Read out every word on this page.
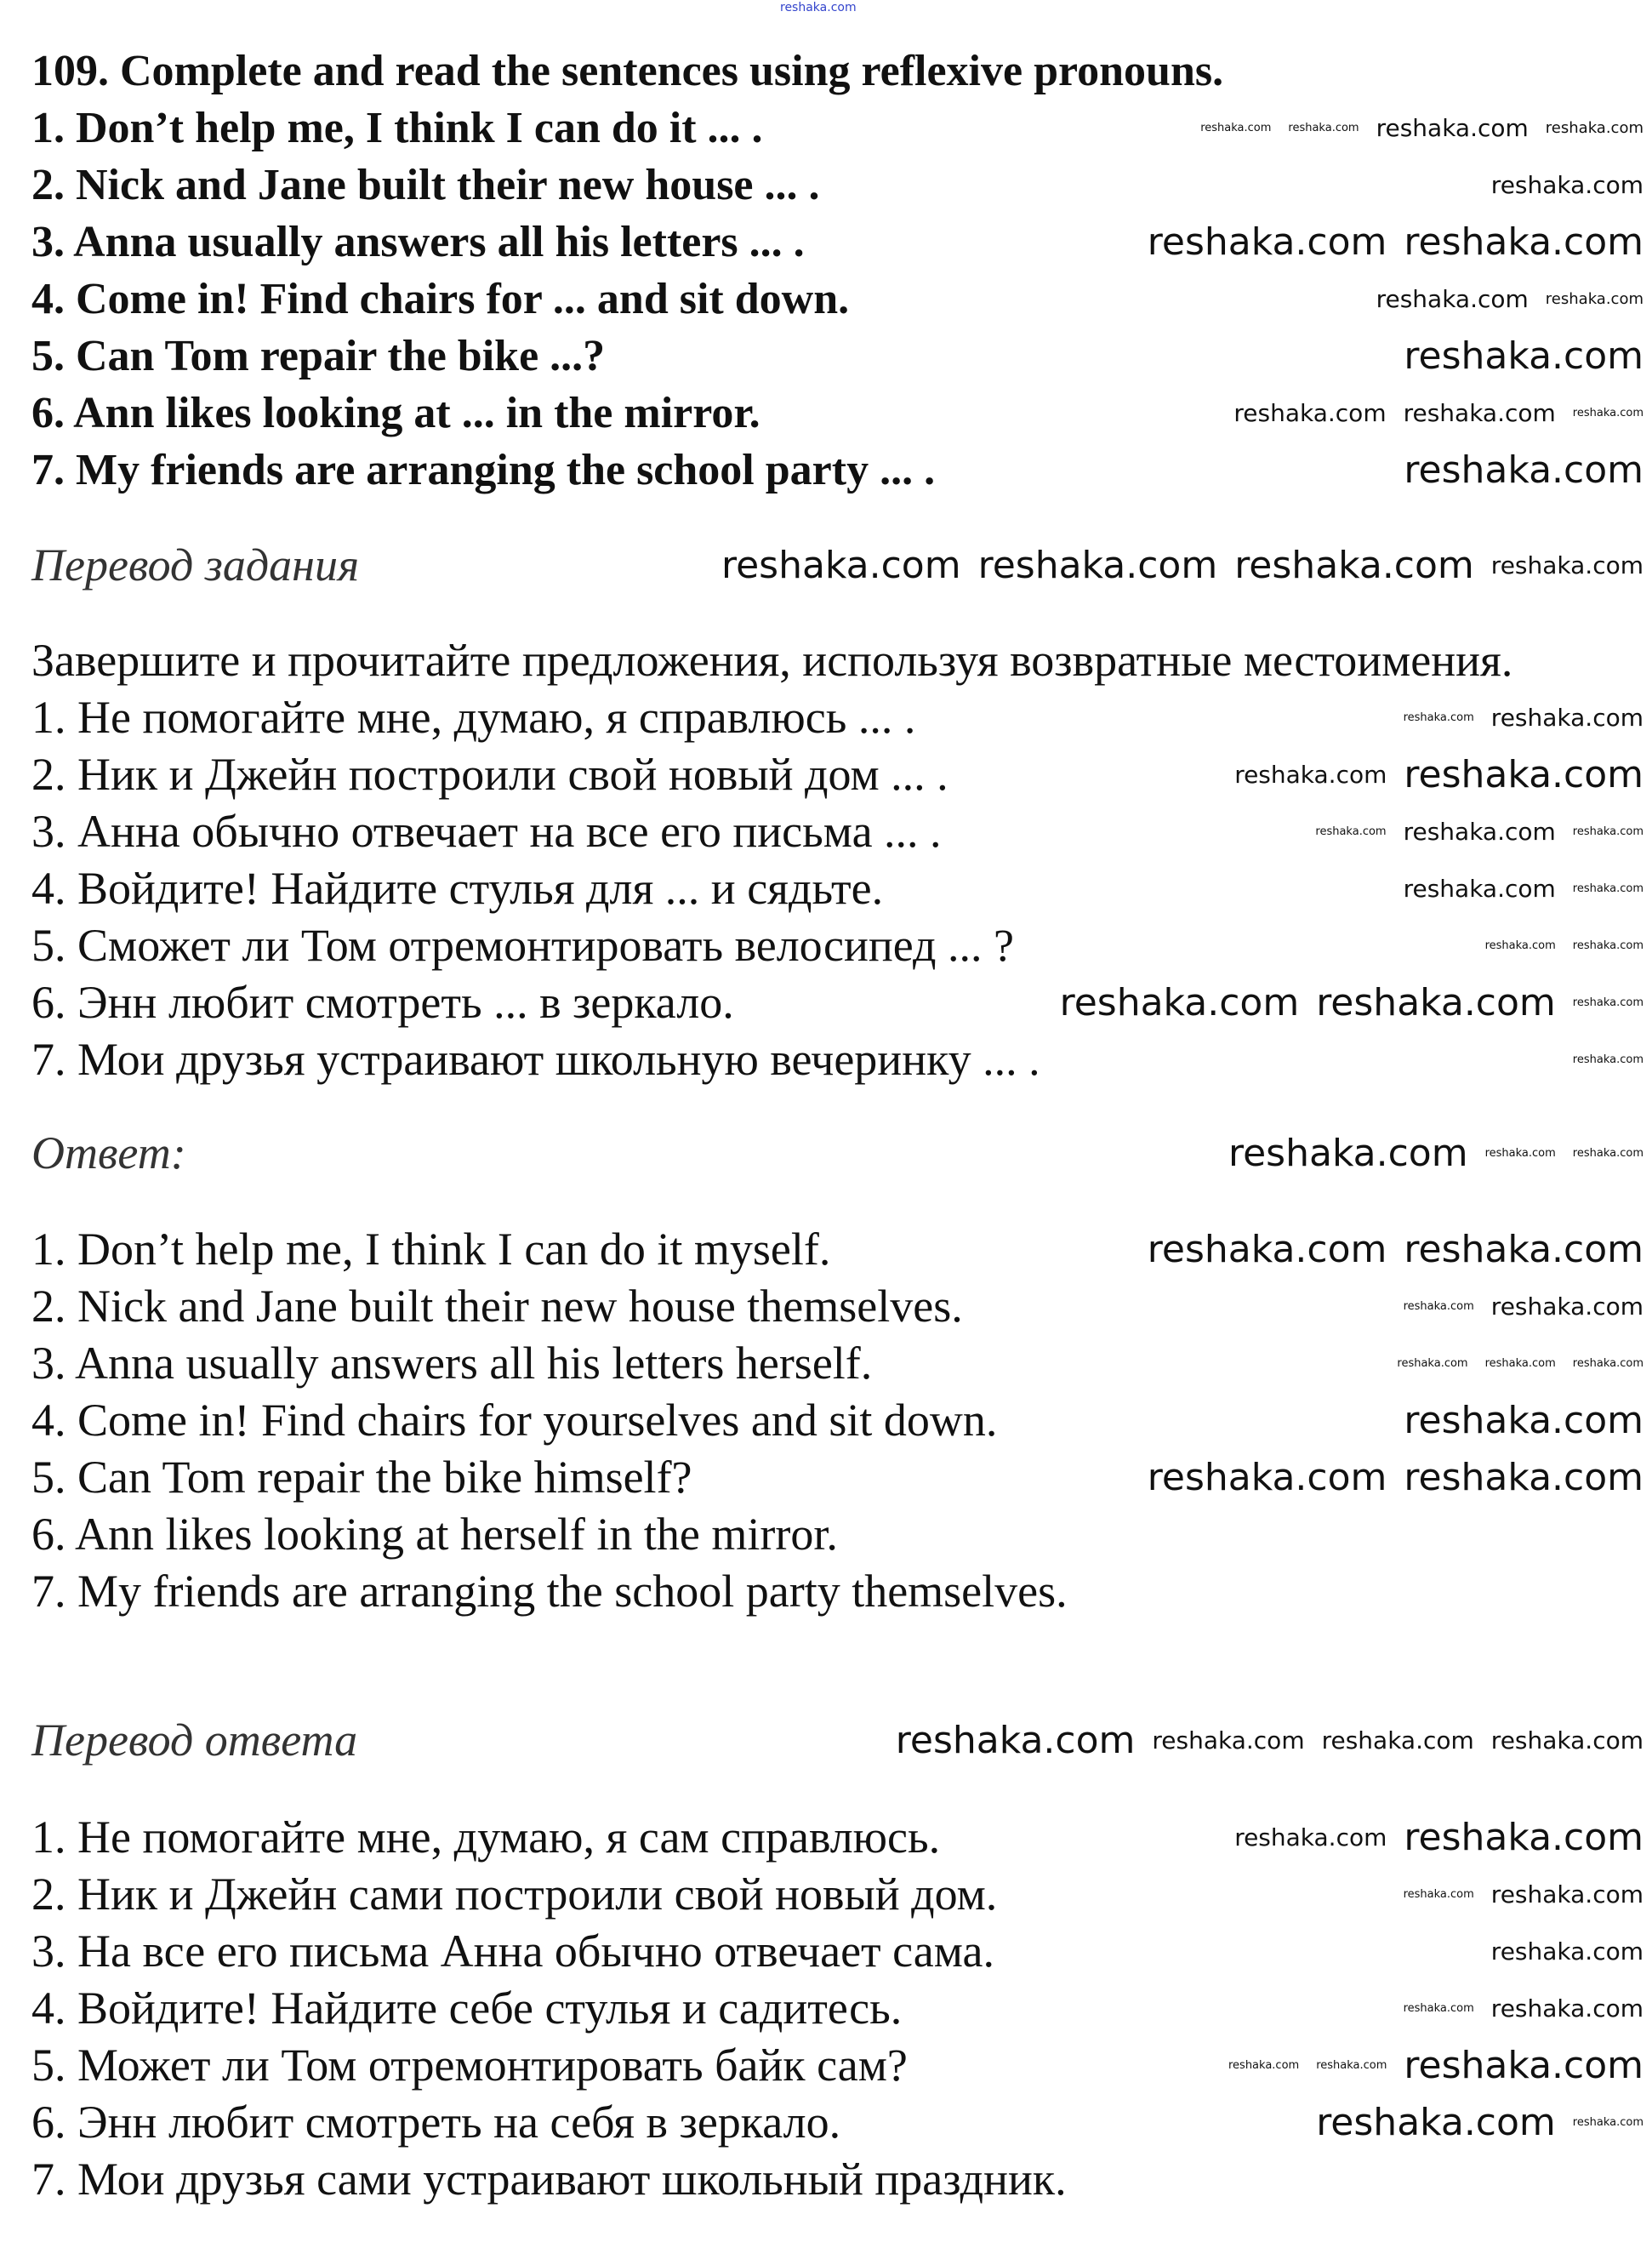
reshaka.com
109. Complete and read the sentences using reflexive pronouns.
1. Don’t help me, I think I can do it ... .	reshaka.com reshaka.com reshaka.com reshaka.com
2. Nick and Jane built their new house ... .	reshaka.com
3. Anna usually answers all his letters ... .	reshaka.com reshaka.com
4. Come in! Find chairs for ... and sit down.	reshaka.com reshaka.com
5. Can Tom repair the bike ...?	reshaka.com
6. Ann likes looking at ... in the mirror.	reshaka.com reshaka.com reshaka.com
7. My friends are arranging the school party ... .	reshaka.com
Перевод задания	reshaka.com reshaka.com reshaka.com reshaka.com
Завершите и прочитайте предложения, используя возвратные местоимения.
1. Не помогайте мне, думаю, я справлюсь ... .	reshaka.com reshaka.com
2. Ник и Джейн построили свой новый дом ... .	reshaka.com reshaka.com
3. Анна обычно отвечает на все его письма ... .	reshaka.com reshaka.com reshaka.com
4. Войдите! Найдите стулья для ... и сядьте.	reshaka.com reshaka.com
5. Сможет ли Том отремонтировать велосипед ... ?	reshaka.com reshaka.com
6. Энн любит смотреть ... в зеркало.	reshaka.com reshaka.com reshaka.com
7. Мои друзья устраивают школьную вечеринку ... .	reshaka.com
Ответ:	reshaka.com reshaka.com reshaka.com
1. Don’t help me, I think I can do it myself.	reshaka.com reshaka.com
2. Nick and Jane built their new house themselves.	reshaka.com reshaka.com
3. Anna usually answers all his letters herself.	reshaka.com reshaka.com reshaka.com
4. Come in! Find chairs for yourselves and sit down.	reshaka.com
5. Can Tom repair the bike himself?	reshaka.com reshaka.com
6. Ann likes looking at herself in the mirror.
7. My friends are arranging the school party themselves.
Перевод ответа	reshaka.com reshaka.com reshaka.com reshaka.com
1. Не помогайте мне, думаю, я сам справлюсь.	reshaka.com reshaka.com
2. Ник и Джейн сами построили свой новый дом.	reshaka.com reshaka.com
3. На все его письма Анна обычно отвечает сама.	reshaka.com
4. Войдите! Найдите себе стулья и садитесь.	reshaka.com reshaka.com
5. Может ли Том отремонтировать байк сам?	reshaka.com reshaka.com reshaka.com
6. Энн любит смотреть на себя в зеркало.	reshaka.com reshaka.com
7. Мои друзья сами устраивают школьный праздник.
